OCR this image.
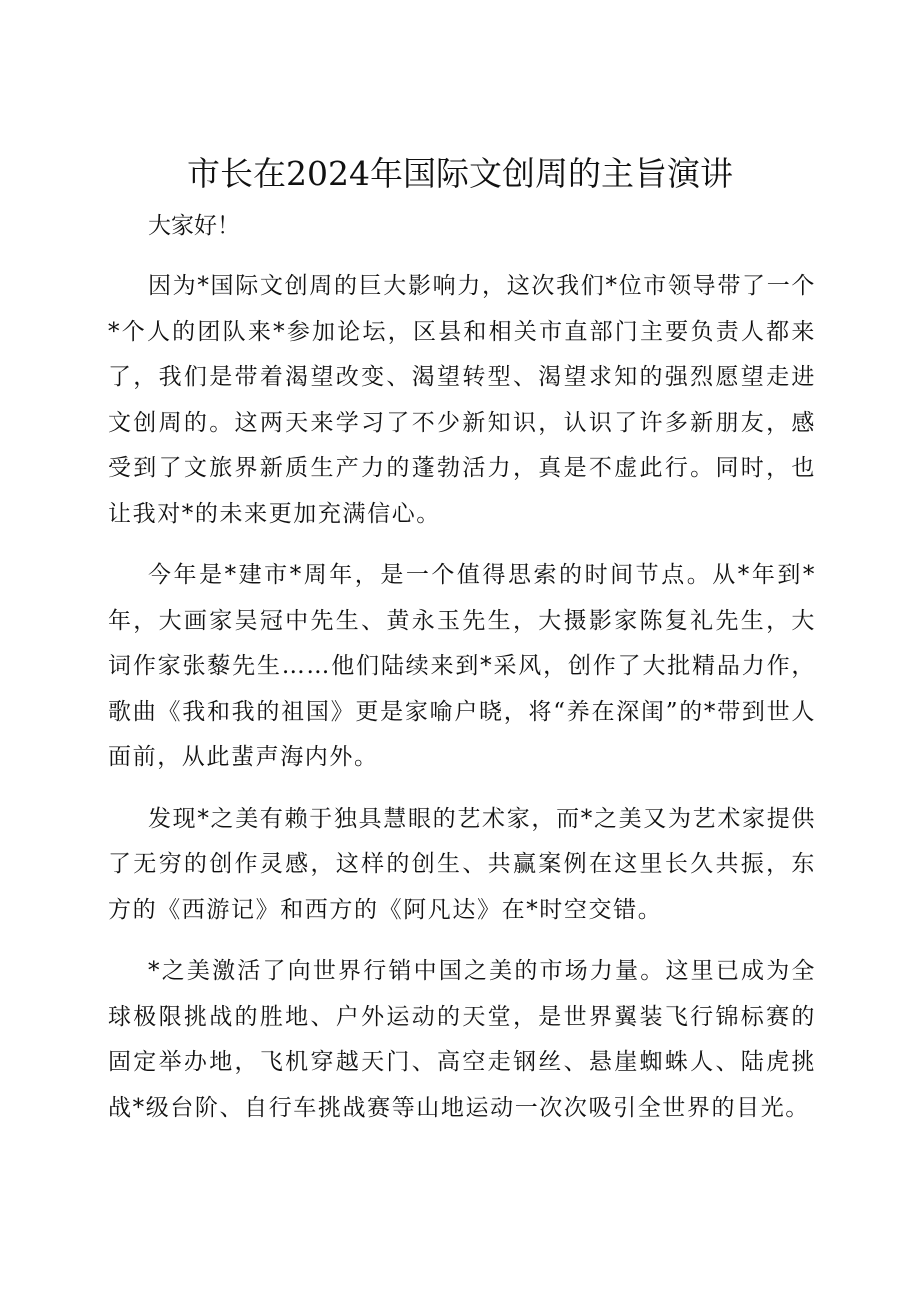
市长在2024年国际文创周的主旨演讲

大家好！

因为*国际文创周的巨大影响力，这次我们*位市领导带了一个*个人的团队来*参加论坛，区县和相关市直部门主要负责人都来了，我们是带着渴望改变、渴望转型、渴望求知的强烈愿望走进文创周的。这两天来学习了不少新知识，认识了许多新朋友，感受到了文旅界新质生产力的蓬勃活力，真是不虚此行。同时，也让我对*的未来更加充满信心。

今年是*建市*周年，是一个值得思索的时间节点。从*年到*年，大画家吴冠中先生、黄永玉先生，大摄影家陈复礼先生，大词作家张藜先生……他们陆续来到*采风，创作了大批精品力作，歌曲《我和我的祖国》更是家喻户晓，将“养在深闺”的*带到世人面前，从此蜚声海内外。

发现*之美有赖于独具慧眼的艺术家，而*之美又为艺术家提供了无穷的创作灵感，这样的创生、共赢案例在这里长久共振，东方的《西游记》和西方的《阿凡达》在*时空交错。

*之美激活了向世界行销中国之美的市场力量。这里已成为全球极限挑战的胜地、户外运动的天堂，是世界翼装飞行锦标赛的固定举办地，飞机穿越天门、高空走钢丝、悬崖蜘蛛人、陆虎挑战*级台阶、自行车挑战赛等山地运动一次次吸引全世界的目光。
